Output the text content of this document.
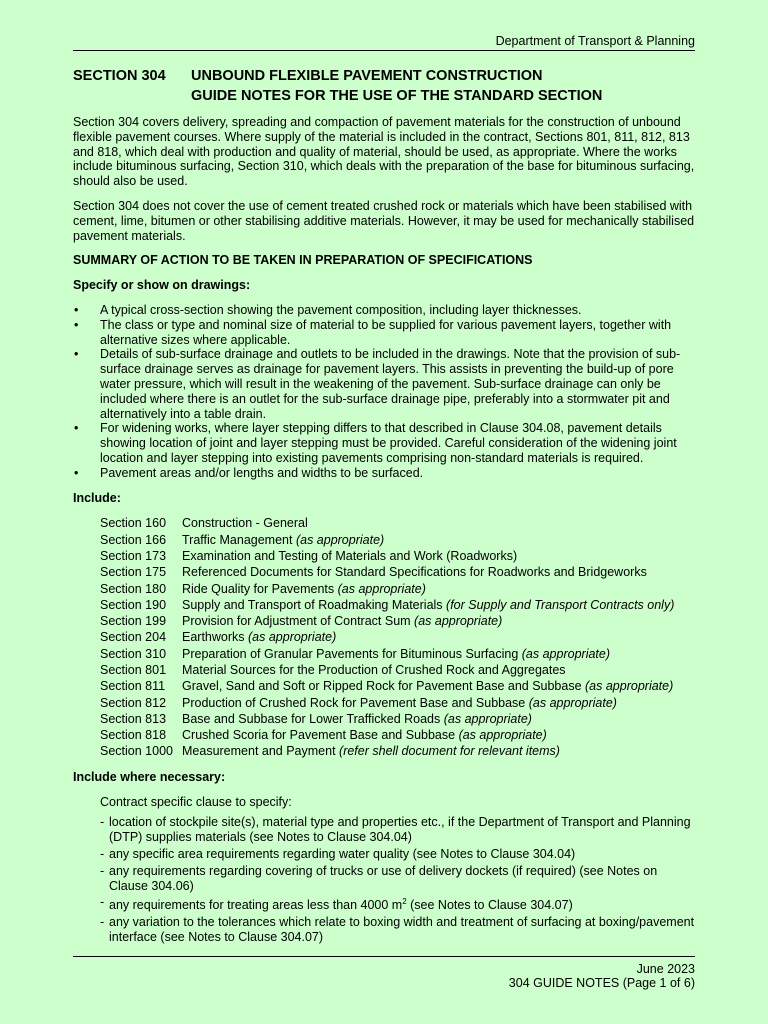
Department of Transport & Planning
SECTION 304	UNBOUND FLEXIBLE PAVEMENT CONSTRUCTION
GUIDE NOTES FOR THE USE OF THE STANDARD SECTION

Section 304 covers delivery, spreading and compaction of pavement materials for the construction of unbound flexible pavement courses. Where supply of the material is included in the contract, Sections 801, 811, 812, 813 and 818, which deal with production and quality of material, should be used, as appropriate. Where the works include bituminous surfacing, Section 310, which deals with the preparation of the base for bituminous surfacing, should also be used.

Section 304 does not cover the use of cement treated crushed rock or materials which have been stabilised with cement, lime, bitumen or other stabilising additive materials. However, it may be used for mechanically stabilised pavement materials.

SUMMARY OF ACTION TO BE TAKEN IN PREPARATION OF SPECIFICATIONS
Specify or show on drawings:
• A typical cross-section showing the pavement composition, including layer thicknesses.
• The class or type and nominal size of material to be supplied for various pavement layers, together with alternative sizes where applicable.
• Details of sub-surface drainage and outlets to be included in the drawings. Note that the provision of sub-surface drainage serves as drainage for pavement layers. This assists in preventing the build-up of pore water pressure, which will result in the weakening of the pavement. Sub-surface drainage can only be included where there is an outlet for the sub-surface drainage pipe, preferably into a stormwater pit and alternatively into a table drain.
• For widening works, where layer stepping differs to that described in Clause 304.08, pavement details showing location of joint and layer stepping must be provided. Careful consideration of the widening joint location and layer stepping into existing pavements comprising non-standard materials is required.
• Pavement areas and/or lengths and widths to be surfaced.
Include:
Section 160	Construction - General
Section 166	Traffic Management (as appropriate)
Section 173	Examination and Testing of Materials and Work (Roadworks)
Section 175	Referenced Documents for Standard Specifications for Roadworks and Bridgeworks
Section 180	Ride Quality for Pavements (as appropriate)
Section 190	Supply and Transport of Roadmaking Materials (for Supply and Transport Contracts only)
Section 199	Provision for Adjustment of Contract Sum (as appropriate)
Section 204	Earthworks (as appropriate)
Section 310	Preparation of Granular Pavements for Bituminous Surfacing (as appropriate)
Section 801	Material Sources for the Production of Crushed Rock and Aggregates
Section 811	Gravel, Sand and Soft or Ripped Rock for Pavement Base and Subbase (as appropriate)
Section 812	Production of Crushed Rock for Pavement Base and Subbase (as appropriate)
Section 813	Base and Subbase for Lower Trafficked Roads (as appropriate)
Section 818	Crushed Scoria for Pavement Base and Subbase (as appropriate)
Section 1000 Measurement and Payment (refer shell document for relevant items)
Include where necessary:

Contract specific clause to specify:

- location of stockpile site(s), material type and properties etc., if the Department of Transport and Planning (DTP) supplies materials (see Notes to Clause 304.04)
- any specific area requirements regarding water quality (see Notes to Clause 304.04)
- any requirements regarding covering of trucks or use of delivery dockets (if required) (see Notes on Clause 304.06)
- any requirements for treating areas less than 4000 $m^2$ (see Notes to Clause 304.07)
- any variation to the tolerances which relate to boxing width and treatment of surfacing at boxing/pavement interface (see Notes to Clause 304.07)
June 2023
304 GUIDE NOTES (Page 1 of 6)
